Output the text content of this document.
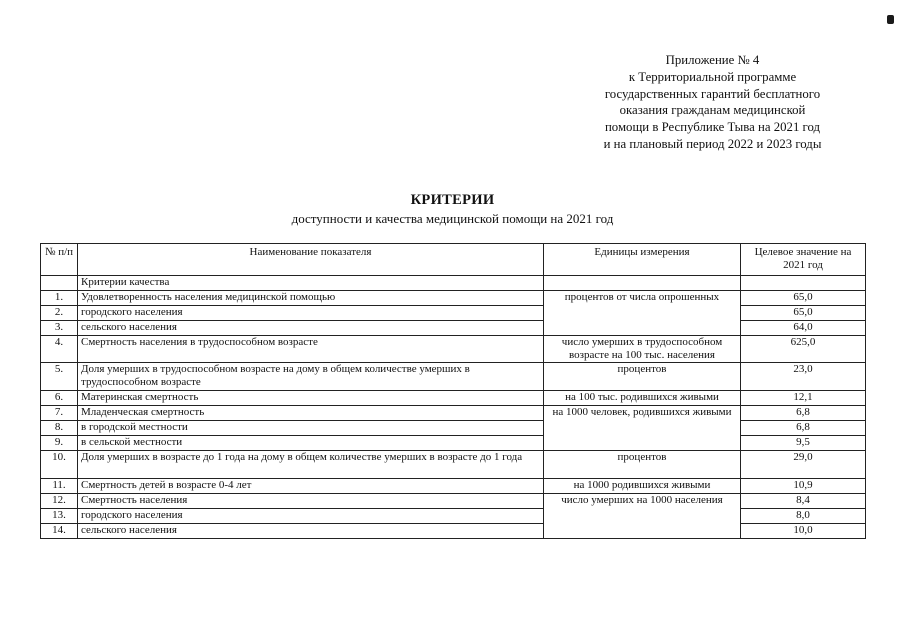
Приложение № 4
к Территориальной программе
государственных гарантий бесплатного
оказания гражданам медицинской
помощи в Республике Тыва на 2021 год
и на плановый период 2022 и 2023 годы
КРИТЕРИИ
доступности и качества медицинской помощи на 2021 год
№ п/п	Наименование показателя	Единицы измерения	Целевое значение на 2021 год
	Критерии качества		
1.	Удовлетворенность населения медицинской помощью	процентов от числа опрошенных	65,0
2.	городского населения		65,0
3.	сельского населения		64,0
4.	Смертность населения в трудоспособном возрасте	число умерших в трудоспособном возрасте на 100 тыс. населения	625,0
5.	Доля умерших в трудоспособном возрасте на дому в общем количестве умерших в трудоспособном возрасте	процентов	23,0
6.	Материнская смертность	на 100 тыс. родившихся живыми	12,1
7.	Младенческая смертность	на 1000 человек, родившихся живыми	6,8
8.	в городской местности		6,8
9.	в сельской местности		9,5
10.	Доля умерших в возрасте до 1 года на дому в общем количестве умерших в возрасте до 1 года	процентов	29,0
11.	Смертность детей в возрасте 0-4 лет	на 1000 родившихся живыми	10,9
12.	Смертность населения	число умерших на 1000 населения	8,4
13.	городского населения		8,0
14.	сельского населения		10,0
